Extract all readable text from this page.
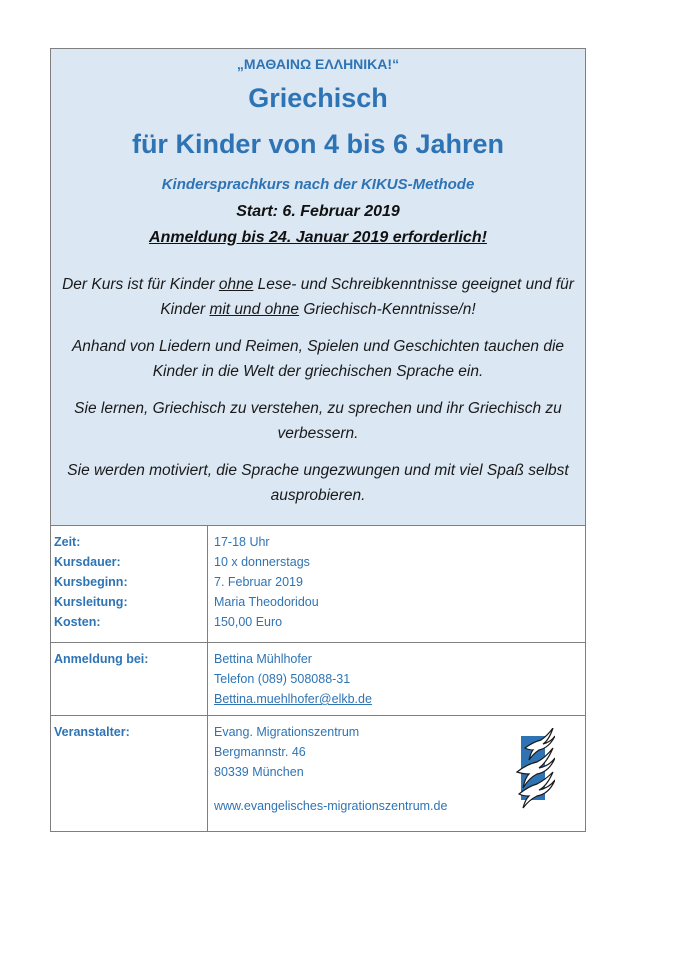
„ΜΑΘΑΙΝΩ ΕΛΛΗΝΙΚΑ!“

Griechisch

für Kinder von 4 bis 6 Jahren

Kindersprachkurs nach der KIKUS-Methode

Start: 6. Februar 2019

Anmeldung bis 24. Januar 2019 erforderlich!

Der Kurs ist für Kinder ohne Lese- und Schreibkenntnisse geeignet und für Kinder mit und ohne Griechisch-Kenntnisse/n!

Anhand von Liedern und Reimen, Spielen und Geschichten tauchen die Kinder in die Welt der griechischen Sprache ein.

Sie lernen, Griechisch zu verstehen, zu sprechen und ihr Griechisch zu verbessern.

Sie werden motiviert, die Sprache ungezwungen und mit viel Spaß selbst ausprobieren.

Zeit:
Kursdauer:
Kursbeginn:
Kursleitung:
Kosten:
17-18 Uhr
10 x donnerstags
7. Februar 2019
Maria Theodoridou
150,00 Euro
Anmeldung bei:	Bettina Mühlhofer
Telefon (089) 508088-31
Bettina.muehlhofer@elkb.de
Veranstalter:	Evang. Migrationszentrum
Bergmannstr. 46
80339 München
www.evangelisches-migrationszentrum.de
